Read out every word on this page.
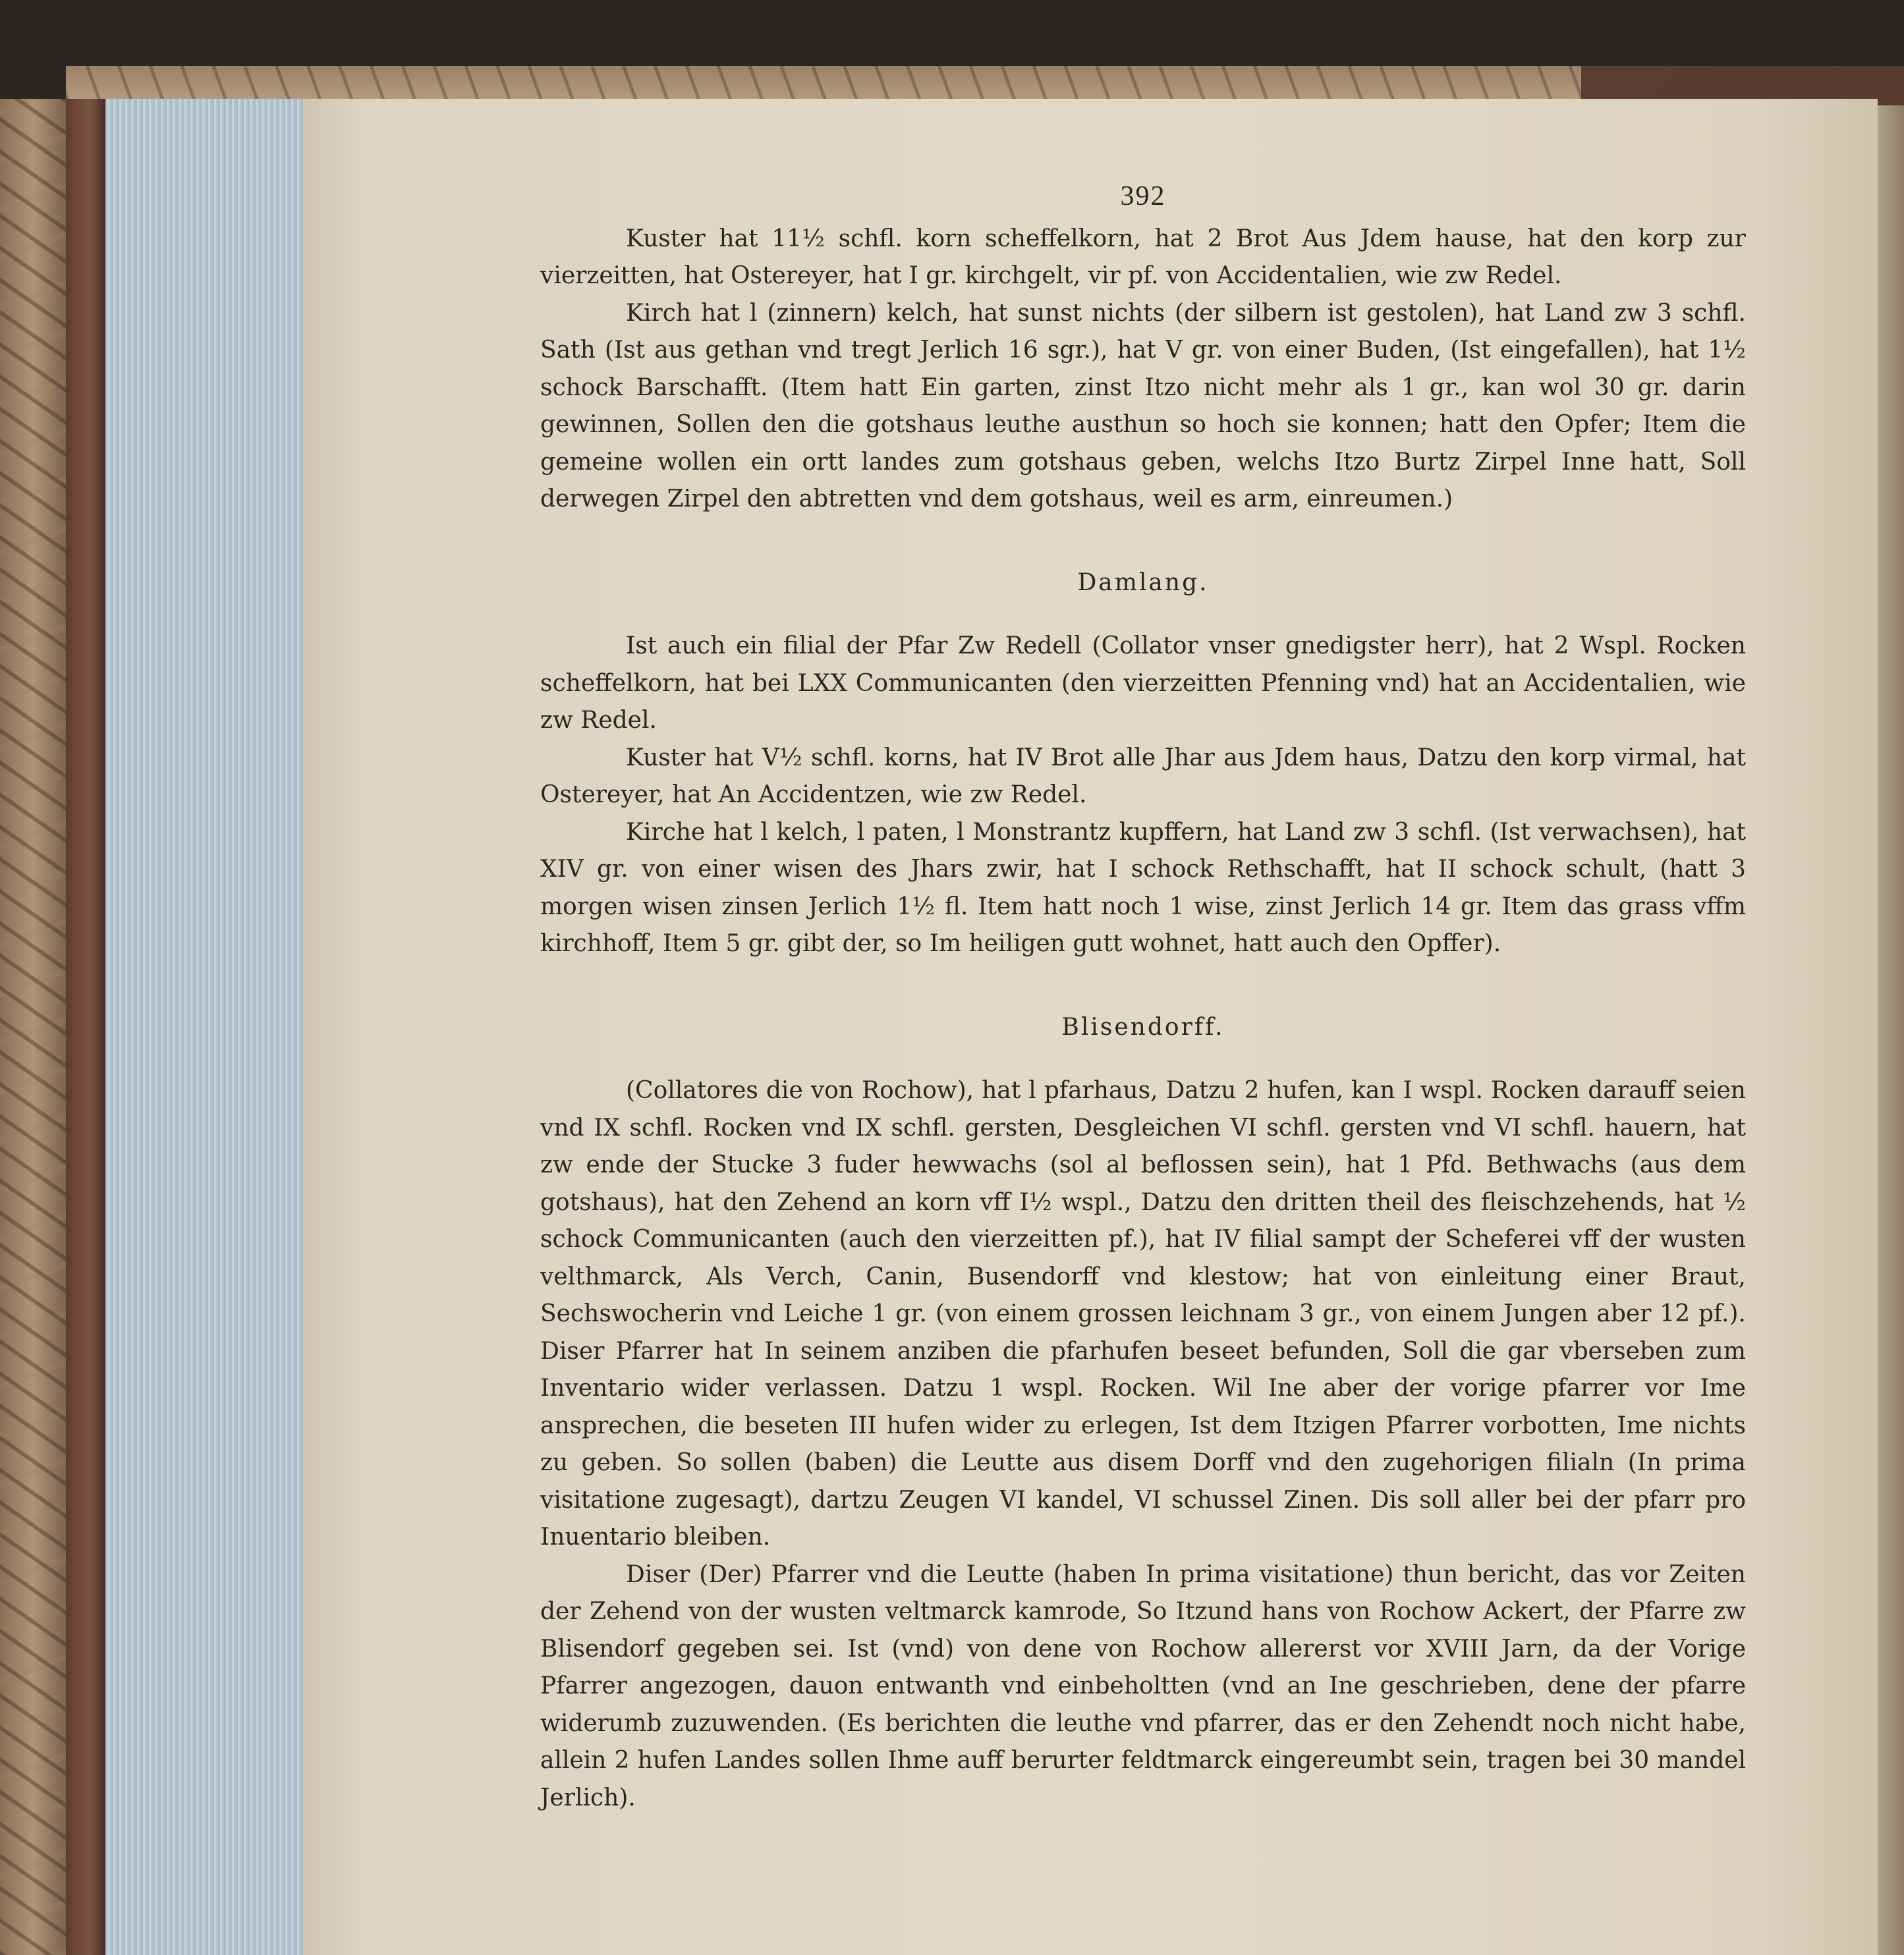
392

Kuster hat 11½ schfl. korn scheffelkorn, hat 2 Brot Aus Jdem hause, hat den korp zur vierzeitten, hat Ostereyer, hat I gr. kirchgelt, vir pf. von Accidentalien, wie zw Redel.

Kirch hat l (zinnern) kelch, hat sunst nichts (der silbern ist gestolen), hat Land zw 3 schfl. Sath (Ist aus gethan vnd tregt Jerlich 16 sgr.), hat V gr. von einer Buden, (Ist eingefallen), hat 1½ schock Barschafft. (Item hatt Ein garten, zinst Itzo nicht mehr als 1 gr., kan wol 30 gr. darin gewinnen, Sollen den die gotshaus leuthe austhun so hoch sie konnen; hatt den Opfer; Item die gemeine wollen ein ortt landes zum gotshaus geben, welchs Itzo Burtz Zirpel Inne hatt, Soll derwegen Zirpel den abtretten vnd dem gotshaus, weil es arm, einreumen.)

Damlang.

Ist auch ein filial der Pfar Zw Redell (Collator vnser gnedigster herr), hat 2 Wspl. Rocken scheffelkorn, hat bei LXX Communicanten (den vierzeitten Pfenning vnd) hat an Accidentalien, wie zw Redel.

Kuster hat V½ schfl. korns, hat IV Brot alle Jhar aus Jdem haus, Datzu den korp virmal, hat Ostereyer, hat An Accidentzen, wie zw Redel.

Kirche hat l kelch, l paten, l Monstrantz kupffern, hat Land zw 3 schfl. (Ist verwachsen), hat XIV gr. von einer wisen des Jhars zwir, hat I schock Rethschafft, hat II schock schult, (hatt 3 morgen wisen zinsen Jerlich 1½ fl. Item hatt noch 1 wise, zinst Jerlich 14 gr. Item das grass vffm kirchhoff, Item 5 gr. gibt der, so Im heiligen gutt wohnet, hatt auch den Opffer).

Blisendorff.

(Collatores die von Rochow), hat l pfarhaus, Datzu 2 hufen, kan I wspl. Rocken darauff seien vnd IX schfl. Rocken vnd IX schfl. gersten, Desgleichen VI schfl. gersten vnd VI schfl. hauern, hat zw ende der Stucke 3 fuder hewwachs (sol al beflossen sein), hat 1 Pfd. Bethwachs (aus dem gotshaus), hat den Zehend an korn vff I½ wspl., Datzu den dritten theil des fleischzehends, hat ½ schock Communicanten (auch den vierzeitten pf.), hat IV filial sampt der Scheferei vff der wusten velthmarck, Als Verch, Canin, Busendorff vnd klestow; hat von einleitung einer Braut, Sechswocherin vnd Leiche 1 gr. (von einem grossen leichnam 3 gr., von einem Jungen aber 12 pf.). Diser Pfarrer hat In seinem anziben die pfarhufen beseet befunden, Soll die gar vberseben zum Inventario wider verlassen. Datzu 1 wspl. Rocken. Wil Ine aber der vorige pfarrer vor Ime ansprechen, die beseten III hufen wider zu erlegen, Ist dem Itzigen Pfarrer vorbotten, Ime nichts zu geben. So sollen (baben) die Leutte aus disem Dorff vnd den zugehorigen filialn (In prima visitatione zugesagt), dartzu Zeugen VI kandel, VI schussel Zinen. Dis soll aller bei der pfarr pro Inuentario bleiben.

Diser (Der) Pfarrer vnd die Leutte (haben In prima visitatione) thun bericht, das vor Zeiten der Zehend von der wusten veltmarck kamrode, So Itzund hans von Rochow Ackert, der Pfarre zw Blisendorf gegeben sei. Ist (vnd) von dene von Rochow allererst vor XVIII Jarn, da der Vorige Pfarrer angezogen, dauon entwanth vnd einbeholtten (vnd an Ine geschrieben, dene der pfarre widerumb zuzuwenden. (Es berichten die leuthe vnd pfarrer, das er den Zehendt noch nicht habe, allein 2 hufen Landes sollen Ihme auff berurter feldtmarck eingereumbt sein, tragen bei 30 mandel Jerlich).
